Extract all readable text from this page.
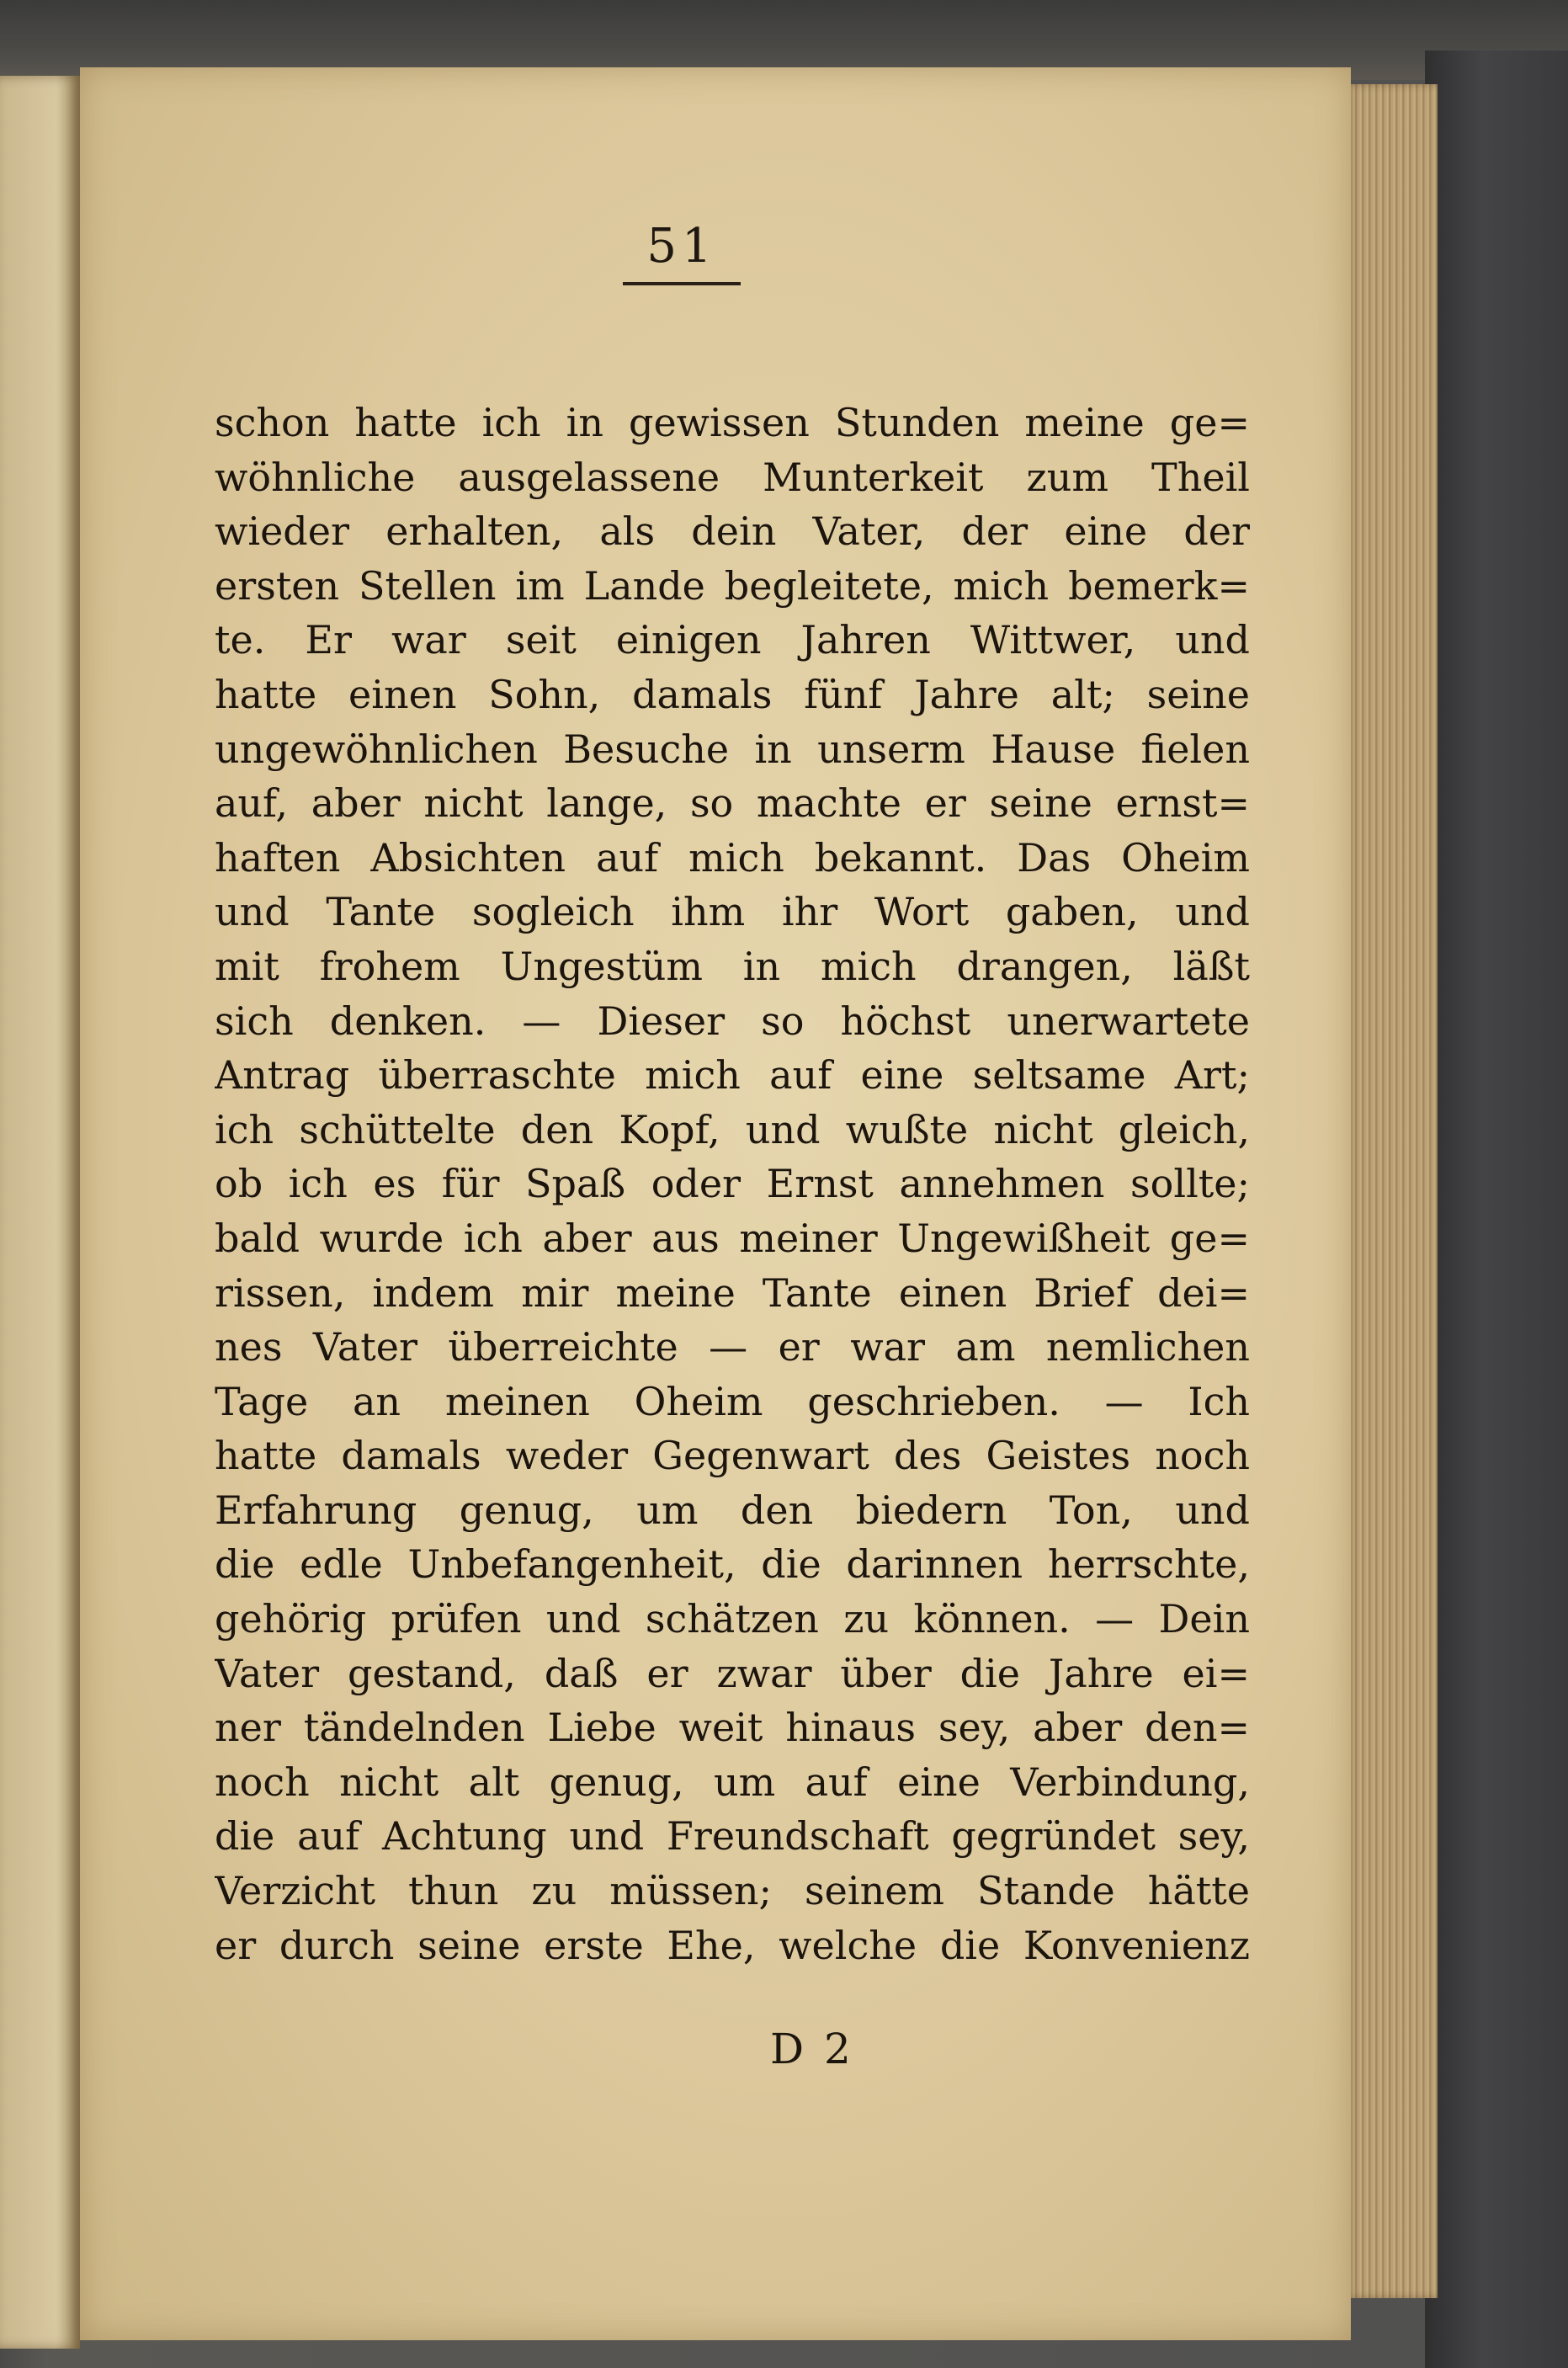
51
schon hatte ich in gewissen Stunden meine ge=
wöhnliche ausgelassene Munterkeit zum Theil
wieder erhalten, als dein Vater, der eine der
ersten Stellen im Lande begleitete, mich bemerk=
te. Er war seit einigen Jahren Wittwer, und
hatte einen Sohn, damals fünf Jahre alt; seine
ungewöhnlichen Besuche in unserm Hause fielen
auf, aber nicht lange, so machte er seine ernst=
haften Absichten auf mich bekannt. Das Oheim
und Tante sogleich ihm ihr Wort gaben, und
mit frohem Ungestüm in mich drangen, läßt
sich denken. — Dieser so höchst unerwartete
Antrag überraschte mich auf eine seltsame Art;
ich schüttelte den Kopf, und wußte nicht gleich,
ob ich es für Spaß oder Ernst annehmen sollte;
bald wurde ich aber aus meiner Ungewißheit ge=
rissen, indem mir meine Tante einen Brief dei=
nes Vater überreichte — er war am nemlichen
Tage an meinen Oheim geschrieben. — Ich
hatte damals weder Gegenwart des Geistes noch
Erfahrung genug, um den biedern Ton, und
die edle Unbefangenheit, die darinnen herrschte,
gehörig prüfen und schätzen zu können. — Dein
Vater gestand, daß er zwar über die Jahre ei=
ner tändelnden Liebe weit hinaus sey, aber den=
noch nicht alt genug, um auf eine Verbindung,
die auf Achtung und Freundschaft gegründet sey,
Verzicht thun zu müssen; seinem Stande hätte
er durch seine erste Ehe, welche die Konvenienz
D 2
